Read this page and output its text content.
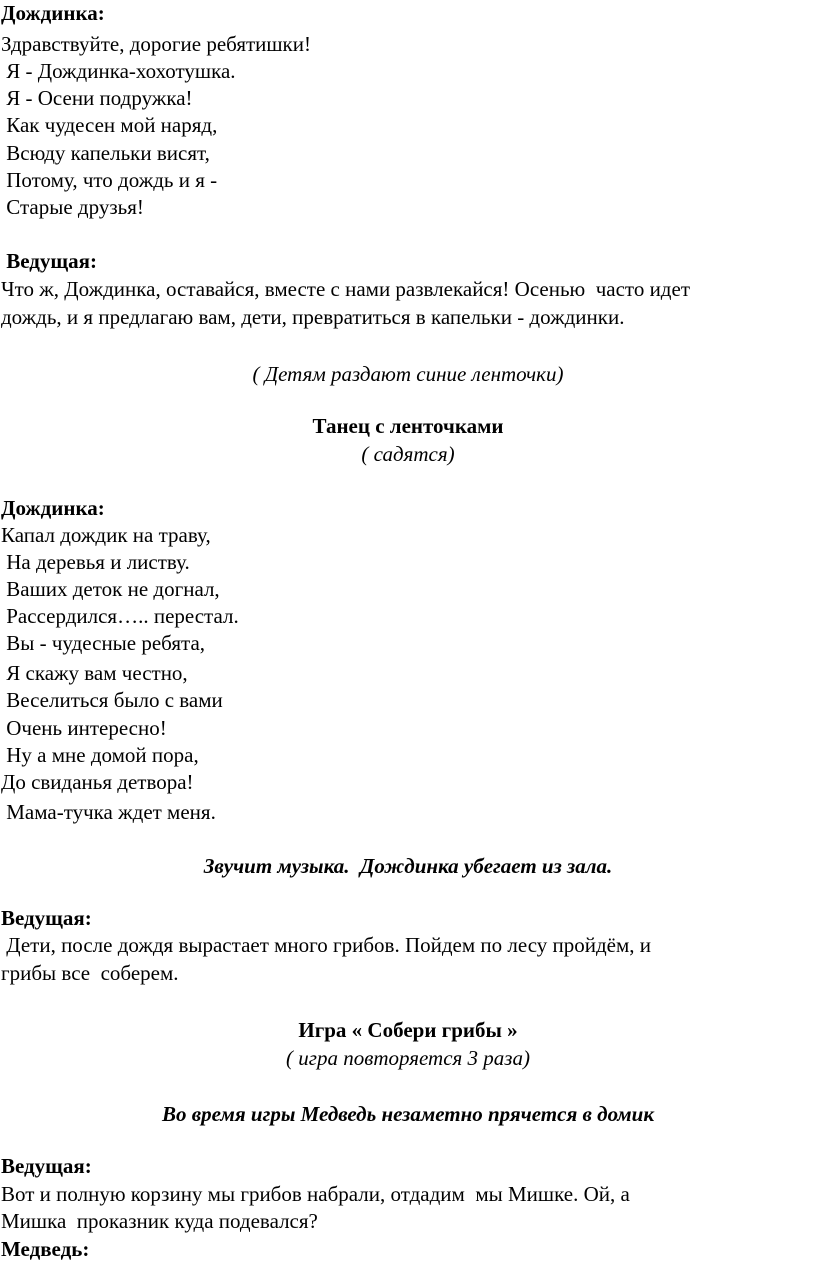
Дождинка:
Здравствуйте, дорогие ребятишки!
Я - Дождинка-хохотушка.
Я - Осени подружка!
Как чудесен мой наряд,
Всюду капельки висят,
Потому, что дождь и я -
Старые друзья!
Ведущая:
Что ж, Дождинка, оставайся, вместе с нами развлекайся! Осенью  часто идет
дождь, и я предлагаю вам, дети, превратиться в капельки - дождинки.
( Детям раздают синие ленточки)
Танец с ленточками
( садятся)
Дождинка:
Капал дождик на траву,
На деревья и листву.
Ваших деток не догнал,
Рассердился….. перестал.
Вы - чудесные ребята,
Я скажу вам честно,
Веселиться было с вами
Очень интересно!
Ну а мне домой пора,
До свиданья детвора!
Мама-тучка ждет меня.
Звучит музыка.  Дождинка убегает из зала.
Ведущая:
Дети, после дождя вырастает много грибов. Пойдем по лесу пройдём, и
грибы все  соберем.
Игра « Собери грибы »
( игра повторяется 3 раза)
Во время игры Медведь незаметно прячется в домик
Ведущая:
Вот и полную корзину мы грибов набрали, отдадим  мы Мишке. Ой, а
Мишка  проказник куда подевался?
Медведь:
